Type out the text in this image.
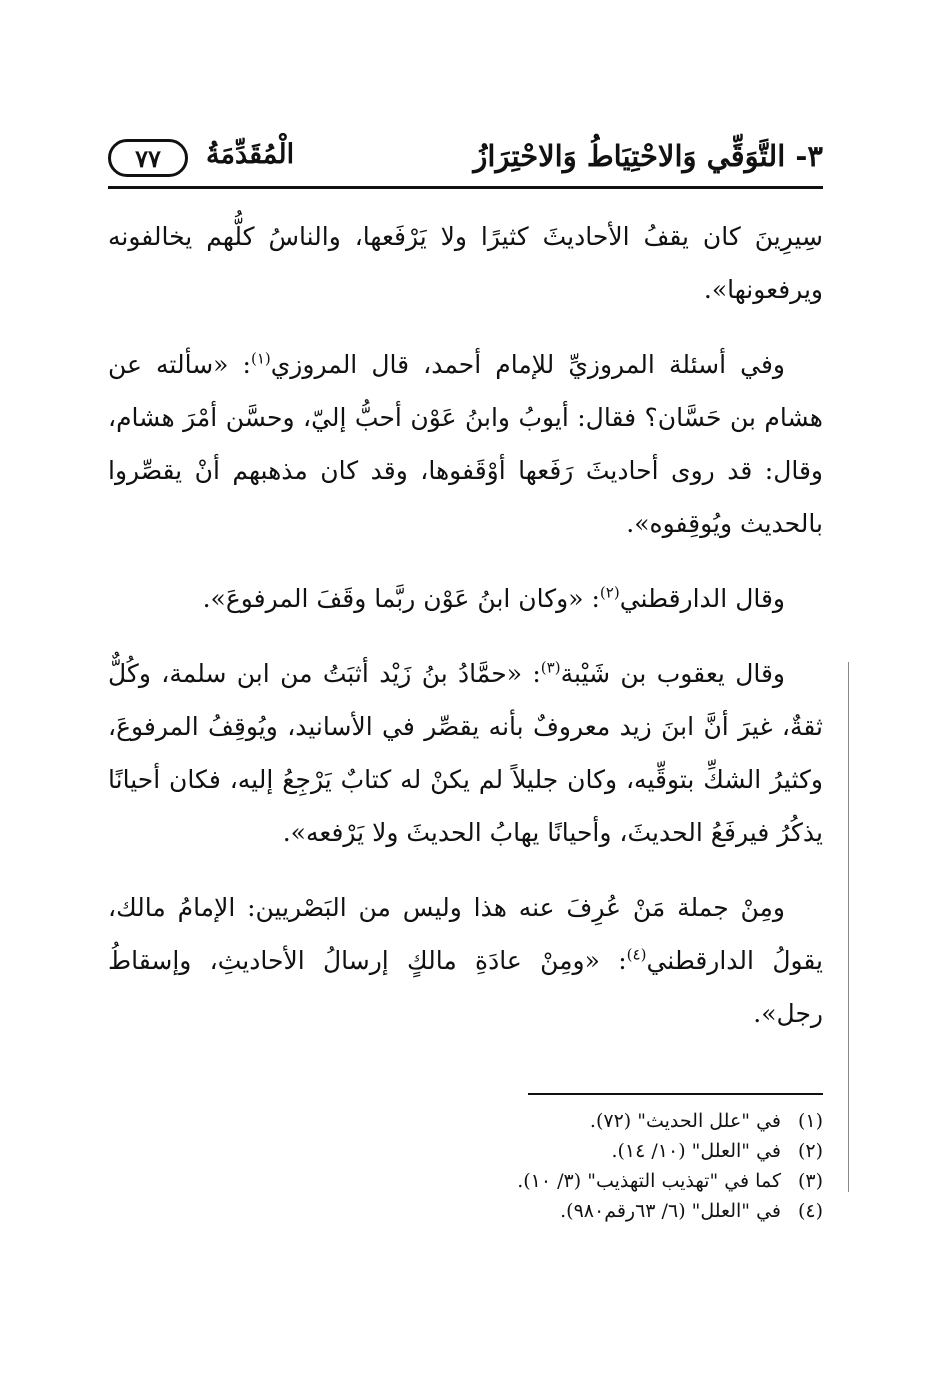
٣- التَّوَقِّي وَالاحْتِيَاطُ وَالاحْتِرَازُ
الْمُقَدِّمَةُ
٧٧

سِيرِينَ كان يقفُ الأحاديثَ كثيرًا ولا يَرْفَعها، والناسُ كلُّهم يخالفونه ويرفعونها».

وفي أسئلة المروزيِّ للإمام أحمد، قال المروزي$^{(١)}$: «سألته عن هشام بن حَسَّان؟ فقال: أيوبُ وابنُ عَوْن أحبُّ إليّ، وحسَّن أمْرَ هشام، وقال: قد روى أحاديثَ رَفَعها أوْقَفوها، وقد كان مذهبهم أنْ يقصِّروا بالحديث ويُوقِفوه».

وقال الدارقطني$^{(٢)}$: «وكان ابنُ عَوْن ربَّما وقَفَ المرفوعَ».

وقال يعقوب بن شَيْبة$^{(٣)}$: «حمَّادُ بنُ زَيْد أثبَتُ من ابن سلمة، وكُلٌّ ثقةٌ، غيرَ أنَّ ابنَ زيد معروفٌ بأنه يقصِّر في الأسانيد، ويُوقِفُ المرفوعَ، وكثيرُ الشكِّ بتوقِّيه، وكان جليلاً لم يكنْ له كتابٌ يَرْجِعُ إليه، فكان أحيانًا يذكُرُ فيرفَعُ الحديثَ، وأحيانًا يهابُ الحديثَ ولا يَرْفعه».

ومِنْ جملة مَنْ عُرِفَ عنه هذا وليس من البَصْريين: الإمامُ مالك، يقولُ الدارقطني$^{(٤)}$: «ومِنْ عادَةِ مالكٍ إرسالُ الأحاديثِ، وإسقاطُ رجل».

(١)في "علل الحديث" (٧٢).
(٢)في "العلل" (١٠/ ١٤).
(٣)كما في "تهذيب التهذيب" (٣/ ١٠).
(٤)في "العلل" (٦/ ٦٣رقم٩٨٠).
